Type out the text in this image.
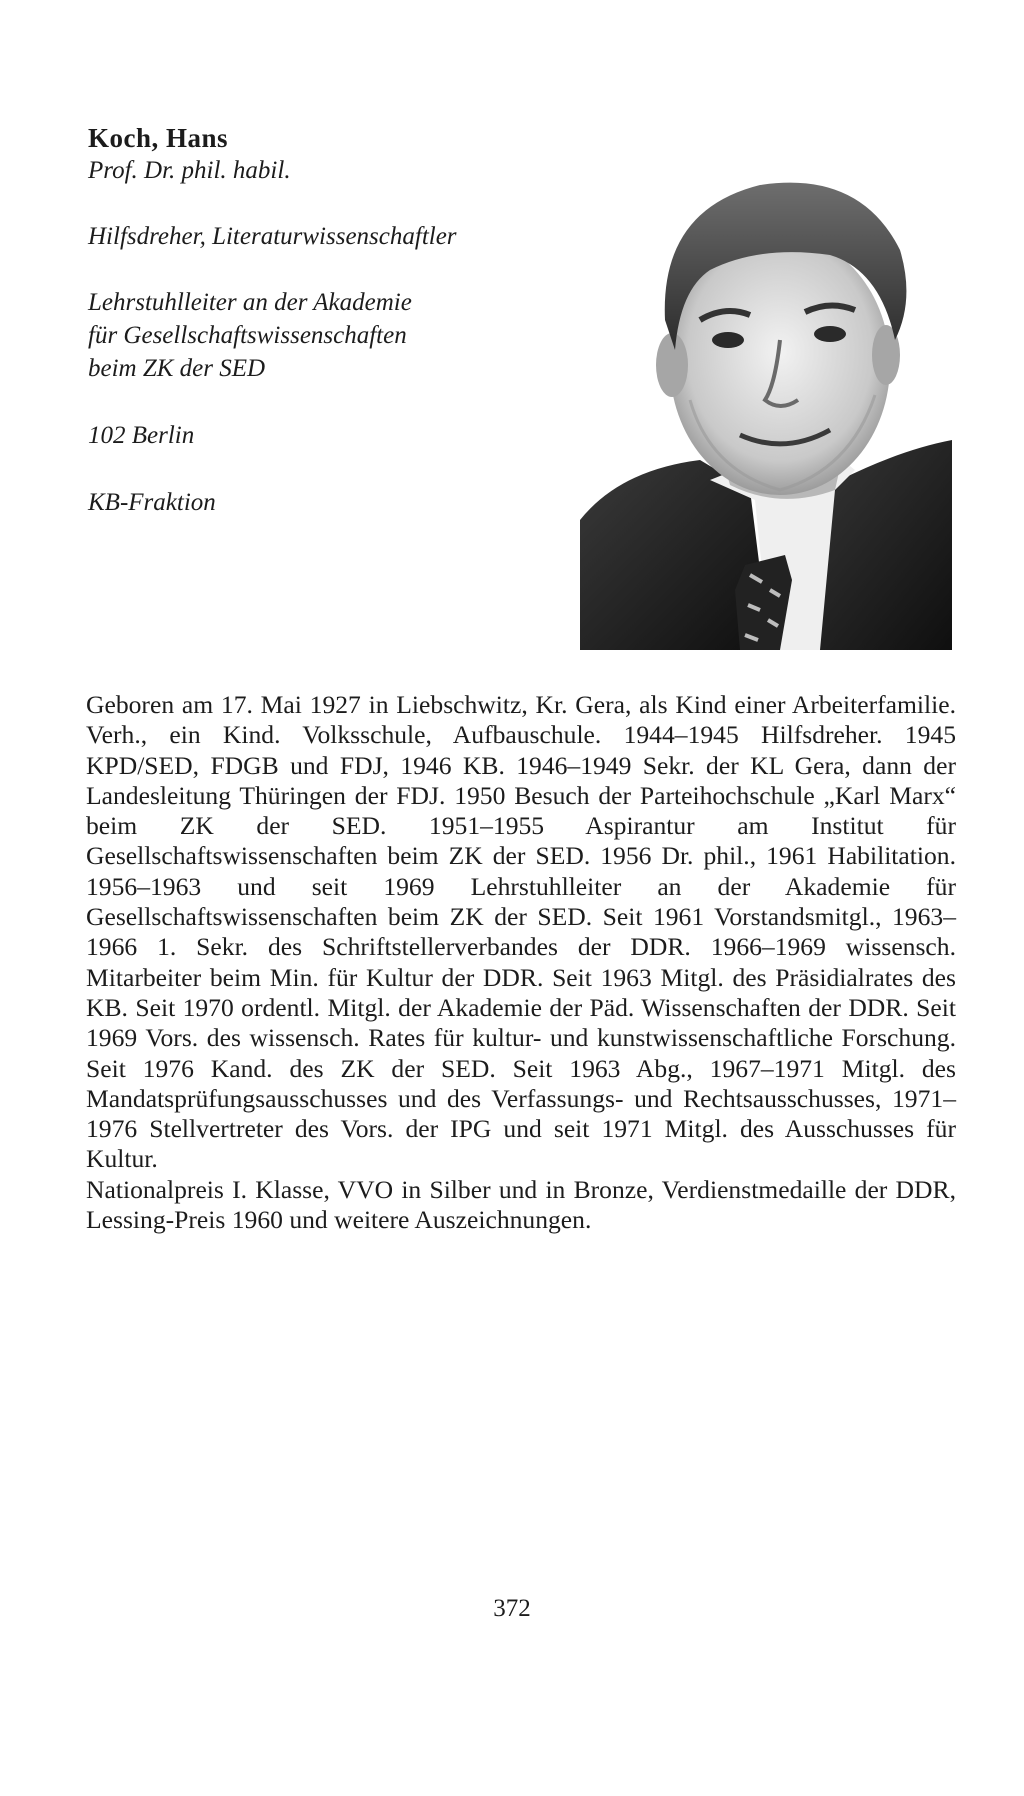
Koch, Hans
Prof. Dr. phil. habil.
Hilfsdreher, Literaturwissenschaftler
Lehrstuhlleiter an der Akademie
für Gesellschaftswissenschaften
beim ZK der SED
102 Berlin
KB-Fraktion

Geboren am 17. Mai 1927 in Liebschwitz, Kr. Gera, als Kind einer Arbeiterfamilie. Verh., ein Kind. Volksschule, Aufbauschule. 1944–1945 Hilfsdreher. 1945 KPD/SED, FDGB und FDJ, 1946 KB. 1946–1949 Sekr. der KL Gera, dann der Landesleitung Thüringen der FDJ. 1950 Besuch der Parteihochschule „Karl Marx“ beim ZK der SED. 1951–1955 Aspirantur am Institut für Gesellschaftswissenschaften beim ZK der SED. 1956 Dr. phil., 1961 Habilitation. 1956–1963 und seit 1969 Lehrstuhlleiter an der Akademie für Gesellschaftswissenschaften beim ZK der SED. Seit 1961 Vorstandsmitgl., 1963–1966 1. Sekr. des Schriftstellerverbandes der DDR. 1966–1969 wissensch. Mitarbeiter beim Min. für Kultur der DDR. Seit 1963 Mitgl. des Präsidialrates des KB. Seit 1970 ordentl. Mitgl. der Akademie der Päd. Wissenschaften der DDR. Seit 1969 Vors. des wissensch. Rates für kultur- und kunstwissenschaftliche Forschung. Seit 1976 Kand. des ZK der SED. Seit 1963 Abg., 1967–1971 Mitgl. des Mandatsprüfungsausschusses und des Verfassungs- und Rechtsausschusses, 1971–1976 Stellvertreter des Vors. der IPG und seit 1971 Mitgl. des Ausschusses für Kultur.

Nationalpreis I. Klasse, VVO in Silber und in Bronze, Verdienstmedaille der DDR, Lessing-Preis 1960 und weitere Auszeichnungen.

372
